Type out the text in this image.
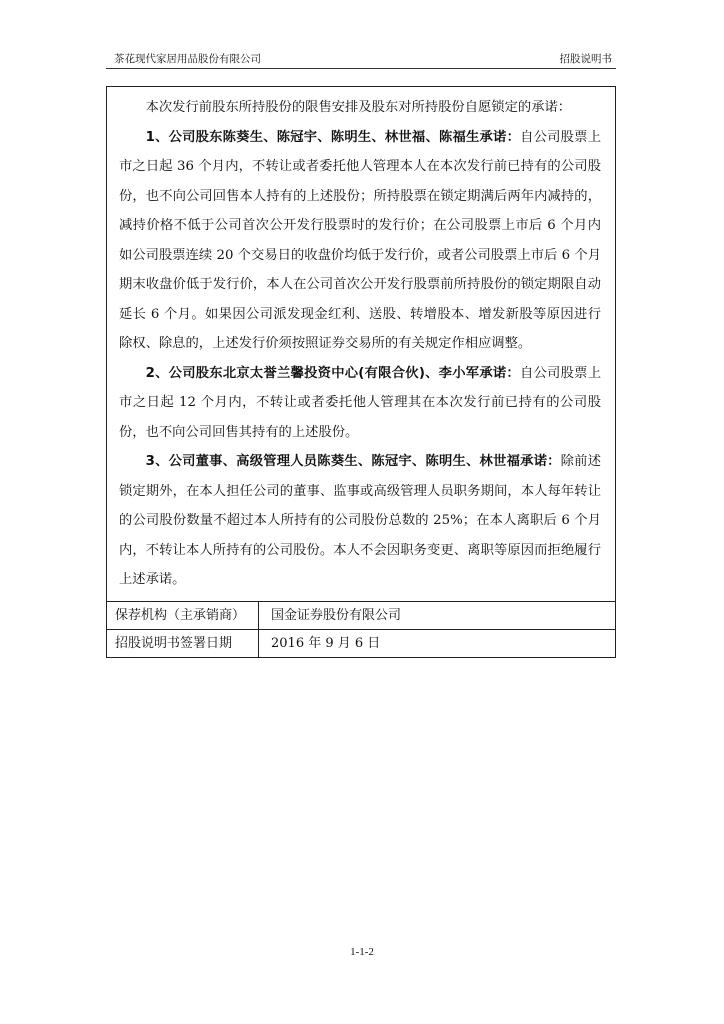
茶花现代家居用品股份有限公司	招股说明书

本次发行前股东所持股份的限售安排及股东对所持股份自愿锁定的承诺：

1、公司股东陈葵生、陈冠宇、陈明生、林世福、陈福生承诺：自公司股票上市之日起 36 个月内，不转让或者委托他人管理本人在本次发行前已持有的公司股份，也不向公司回售本人持有的上述股份；所持股票在锁定期满后两年内减持的，减持价格不低于公司首次公开发行股票时的发行价；在公司股票上市后 6 个月内如公司股票连续 20 个交易日的收盘价均低于发行价，或者公司股票上市后 6 个月期末收盘价低于发行价，本人在公司首次公开发行股票前所持股份的锁定期限自动延长 6 个月。如果因公司派发现金红利、送股、转增股本、增发新股等原因进行除权、除息的，上述发行价须按照证券交易所的有关规定作相应调整。

2、公司股东北京太誉兰馨投资中心(有限合伙)、李小军承诺：自公司股票上市之日起 12 个月内，不转让或者委托他人管理其在本次发行前已持有的公司股份，也不向公司回售其持有的上述股份。

3、公司董事、高级管理人员陈葵生、陈冠宇、陈明生、林世福承诺：除前述锁定期外，在本人担任公司的董事、监事或高级管理人员职务期间，本人每年转让的公司股份数量不超过本人所持有的公司股份总数的 25%；在本人离职后 6 个月内，不转让本人所持有的公司股份。本人不会因职务变更、离职等原因而拒绝履行上述承诺。

保荐机构（主承销商）	国金证券股份有限公司
招股说明书签署日期	2016 年 9 月 6 日
1-1-2
